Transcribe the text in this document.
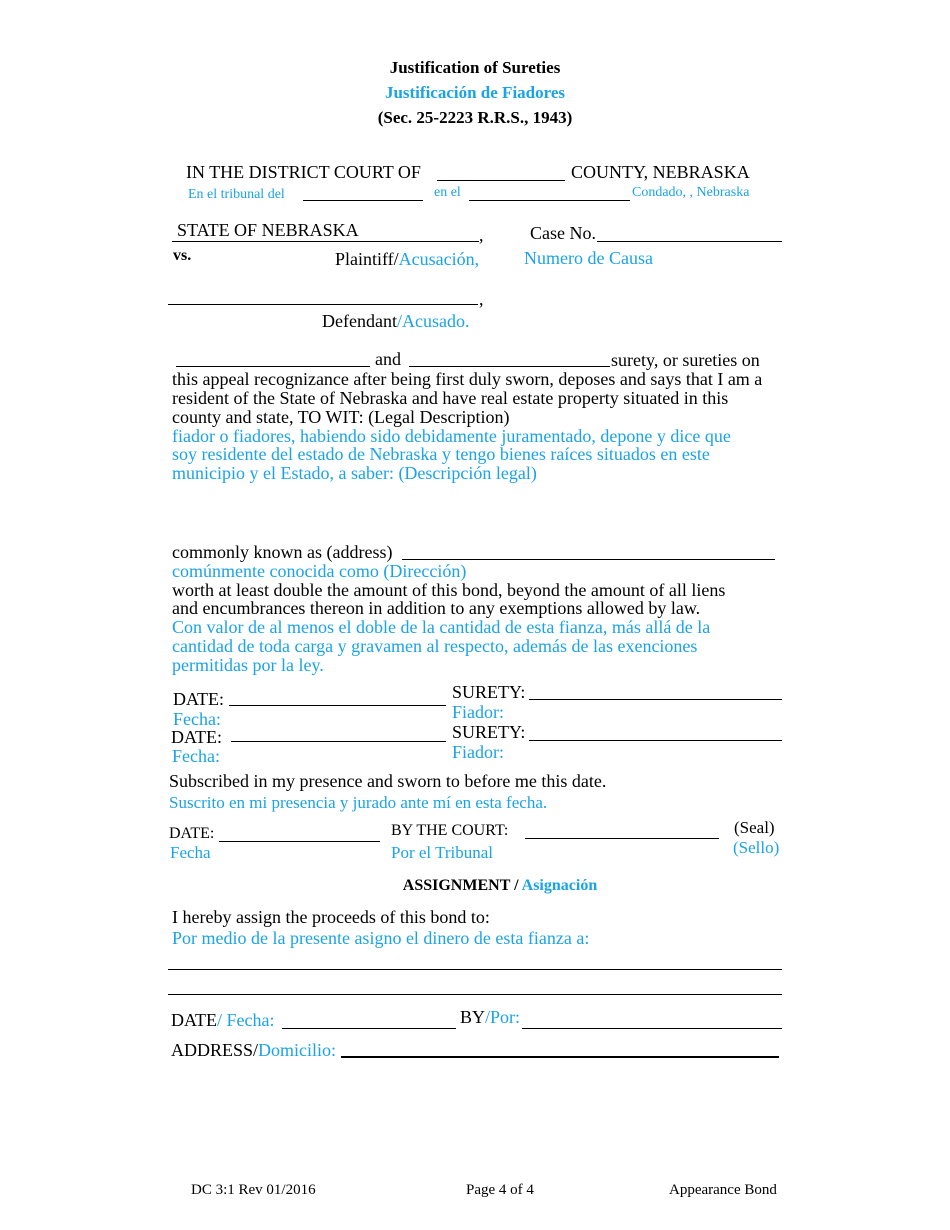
Justification of Sureties
Justificación de Fiadores
(Sec. 25-2223 R.R.S., 1943)
IN THE DISTRICT COURT OF	COUNTY, NEBRASKA
En el tribunal del	en el	Condado, , Nebraska
STATE OF NEBRASKA	,	Case No.
vs.	Plaintiff/Acusación, Numero de Causa
,
Defendant/Acusado.
and	surety, or sureties on
this appeal recognizance after being first duly sworn, deposes and says that I am a
resident of the State of Nebraska and have real estate property situated in this
county and state, TO WIT: (Legal Description)
fiador o fiadores, habiendo sido debidamente juramentado, depone y dice que
soy residente del estado de Nebraska y tengo bienes raíces situados en este
municipio y el Estado, a saber: (Descripción legal)
commonly known as (address)
comúnmente conocida como (Dirección)
worth at least double the amount of this bond, beyond the amount of all liens
and encumbrances thereon in addition to any exemptions allowed by law.
Con valor de al menos el doble de la cantidad de esta fianza, más allá de la
cantidad de toda carga y gravamen al respecto, además de las exenciones
permitidas por la ley.
DATE:	SURETY:
Fecha:	Fiador:
DATE:	SURETY:
Fecha:	Fiador:
Subscribed in my presence and sworn to before me this date.
Suscrito en mi presencia y jurado ante mí en esta fecha.
DATE:	BY THE COURT:	(Seal)
Fecha	Por el Tribunal	(Sello)
ASSIGNMENT / Asignación
I hereby assign the proceeds of this bond to:
Por medio de la presente asigno el dinero de esta fianza a:
DATE/ Fecha:	BY/Por:
ADDRESS/Domicilio:
DC 3:1 Rev 01/2016	Page 4 of 4	Appearance Bond
